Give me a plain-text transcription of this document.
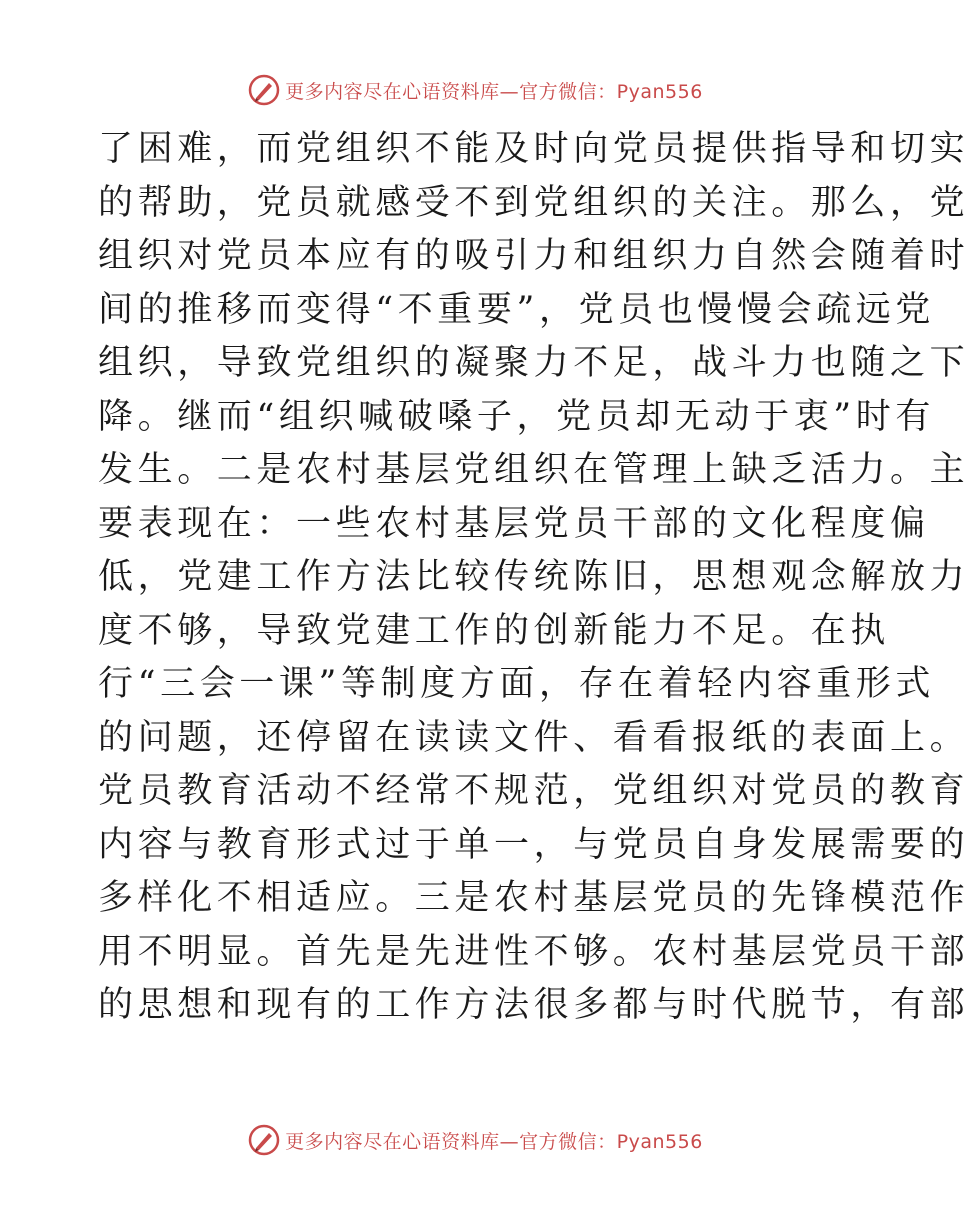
更多内容尽在心语资料库—官方微信：Pyan556
了困难，而党组织不能及时向党员提供指导和切实
的帮助，党员就感受不到党组织的关注。那么，党
组织对党员本应有的吸引力和组织力自然会随着时
间的推移而变得“不重要”，党员也慢慢会疏远党
组织，导致党组织的凝聚力不足，战斗力也随之下
降。继而“组织喊破嗓子，党员却无动于衷”时有
发生。二是农村基层党组织在管理上缺乏活力。主
要表现在：一些农村基层党员干部的文化程度偏
低，党建工作方法比较传统陈旧，思想观念解放力
度不够，导致党建工作的创新能力不足。在执
行“三会一课”等制度方面，存在着轻内容重形式
的问题，还停留在读读文件、看看报纸的表面上。
党员教育活动不经常不规范，党组织对党员的教育
内容与教育形式过于单一，与党员自身发展需要的
多样化不相适应。三是农村基层党员的先锋模范作
用不明显。首先是先进性不够。农村基层党员干部
的思想和现有的工作方法很多都与时代脱节，有部
更多内容尽在心语资料库—官方微信：Pyan556
